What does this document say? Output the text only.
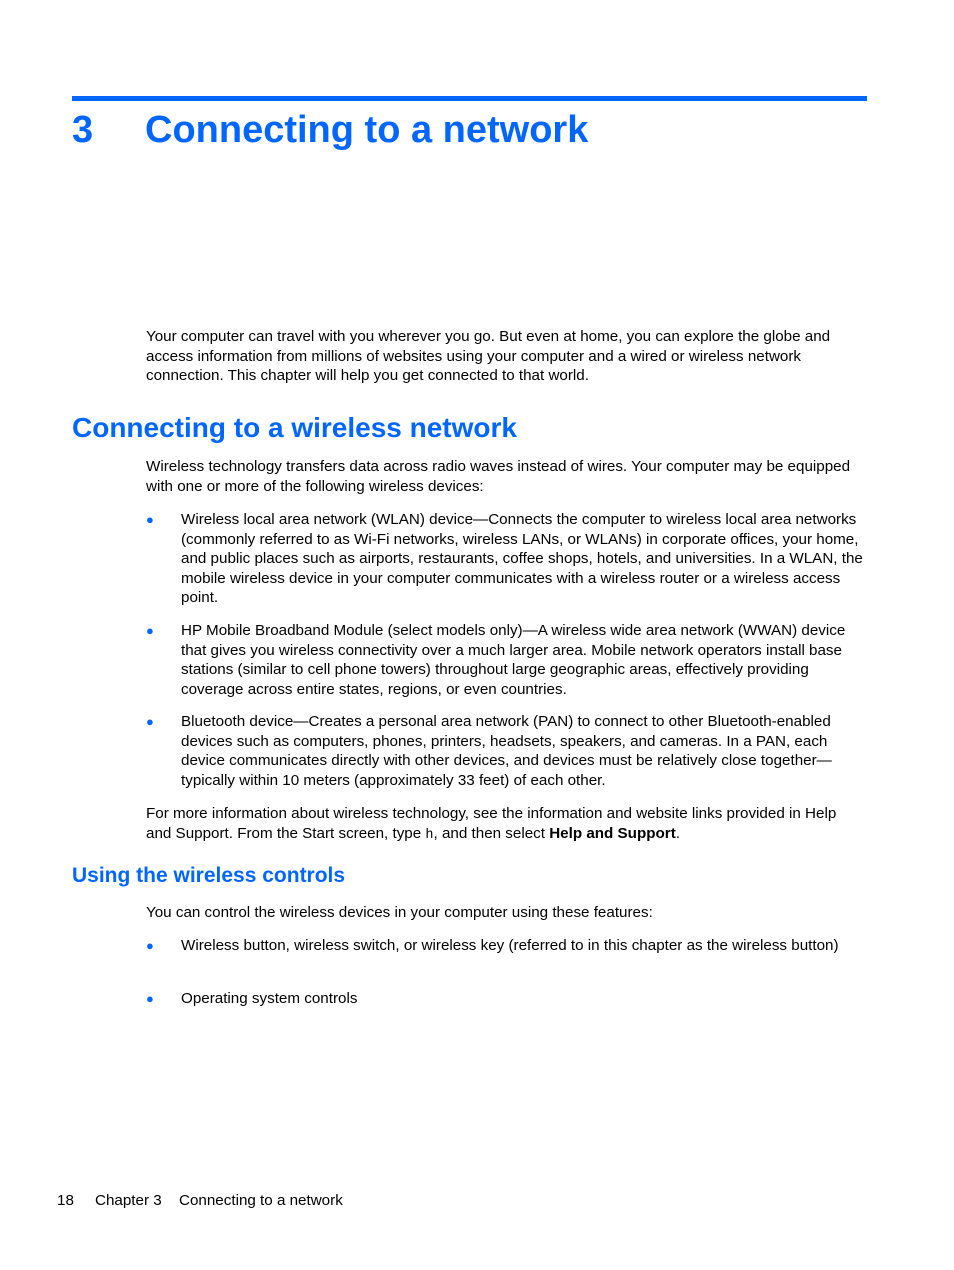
3 Connecting to a network

Your computer can travel with you wherever you go. But even at home, you can explore the globe and access information from millions of websites using your computer and a wired or wireless network connection. This chapter will help you get connected to that world.

Connecting to a wireless network

Wireless technology transfers data across radio waves instead of wires. Your computer may be equipped with one or more of the following wireless devices:

● Wireless local area network (WLAN) device—Connects the computer to wireless local area networks (commonly referred to as Wi-Fi networks, wireless LANs, or WLANs) in corporate offices, your home, and public places such as airports, restaurants, coffee shops, hotels, and universities. In a WLAN, the mobile wireless device in your computer communicates with a wireless router or a wireless access point.
● HP Mobile Broadband Module (select models only)—A wireless wide area network (WWAN) device that gives you wireless connectivity over a much larger area. Mobile network operators install base stations (similar to cell phone towers) throughout large geographic areas, effectively providing coverage across entire states, regions, or even countries.
● Bluetooth device—Creates a personal area network (PAN) to connect to other Bluetooth-enabled devices such as computers, phones, printers, headsets, speakers, and cameras. In a PAN, each device communicates directly with other devices, and devices must be relatively close together—typically within 10 meters (approximately 33 feet) of each other.

For more information about wireless technology, see the information and website links provided in Help and Support. From the Start screen, type h, and then select Help and Support.

Using the wireless controls

You can control the wireless devices in your computer using these features:

● Wireless button, wireless switch, or wireless key (referred to in this chapter as the wireless button)
● Operating system controls
18 Chapter 3 Connecting to a network
